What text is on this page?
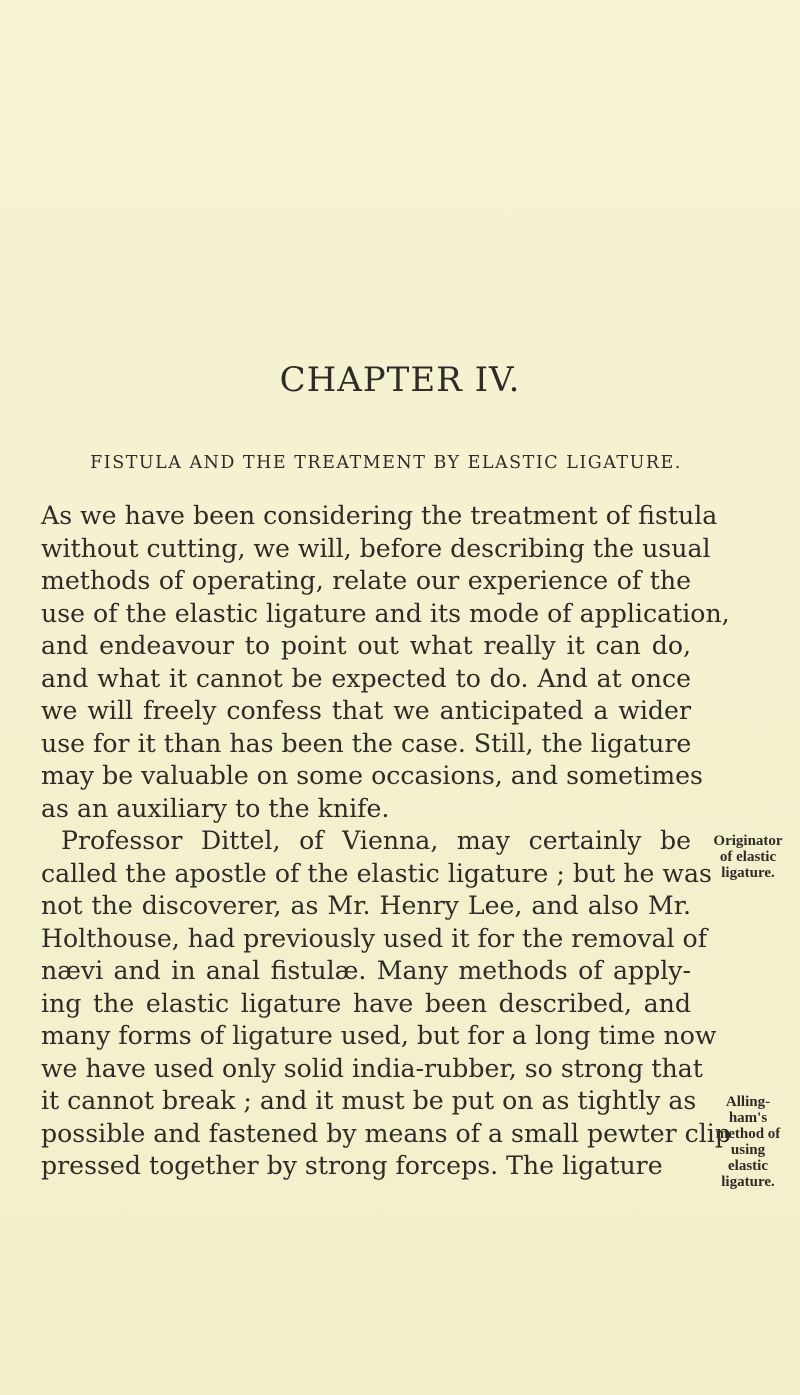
CHAPTER IV.
FISTULA AND THE TREATMENT BY ELASTIC LIGATURE.
As we have been considering the treatment of fistula
without cutting, we will, before describing the usual
methods of operating, relate our experience of the
use of the elastic ligature and its mode of application,
and endeavour to point out what really it can do,
and what it cannot be expected to do. And at once
we will freely confess that we anticipated a wider
use for it than has been the case. Still, the ligature
may be valuable on some occasions, and sometimes
as an auxiliary to the knife.
Professor Dittel, of Vienna, may certainly be
called the apostle of the elastic ligature ; but he was
not the discoverer, as Mr. Henry Lee, and also Mr.
Holthouse, had previously used it for the removal of
nævi and in anal fistulæ. Many methods of apply-
ing the elastic ligature have been described, and
many forms of ligature used, but for a long time now
we have used only solid india-rubber, so strong that
it cannot break ; and it must be put on as tightly as
possible and fastened by means of a small pewter clip
pressed together by strong forceps. The ligature
Originator
of elastic
ligature.
Alling-
ham's
method of
using
elastic
ligature.
